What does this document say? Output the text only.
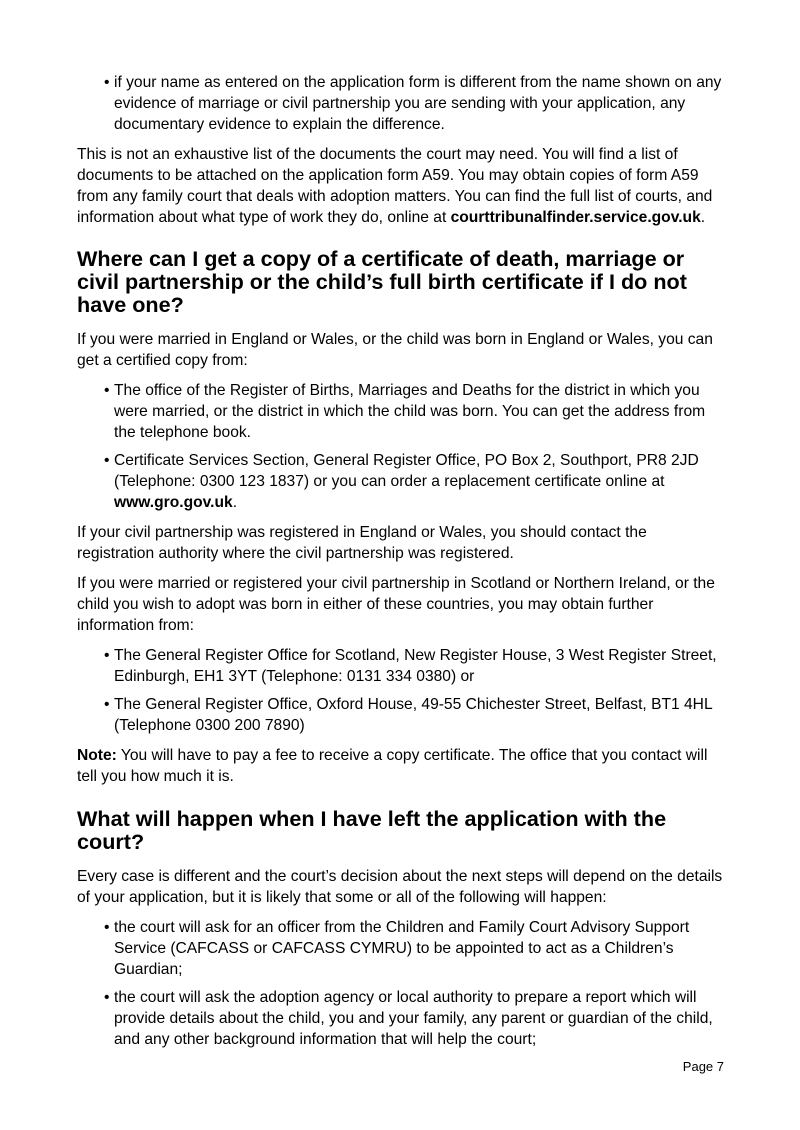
• if your name as entered on the application form is different from the name shown on any evidence of marriage or civil partnership you are sending with your application, any documentary evidence to explain the difference.

This is not an exhaustive list of the documents the court may need. You will find a list of documents to be attached on the application form A59. You may obtain copies of form A59 from any family court that deals with adoption matters. You can find the full list of courts, and information about what type of work they do, online at courttribunalfinder.service.gov.uk.

Where can I get a copy of a certificate of death, marriage or civil partnership or the child’s full birth certificate if I do not have one?

If you were married in England or Wales, or the child was born in England or Wales, you can get a certified copy from:

• The office of the Register of Births, Marriages and Deaths for the district in which you were married, or the district in which the child was born. You can get the address from the telephone book.
• Certificate Services Section, General Register Office, PO Box 2, Southport, PR8 2JD (Telephone: 0300 123 1837) or you can order a replacement certificate online at www.gro.gov.uk.

If your civil partnership was registered in England or Wales, you should contact the registration authority where the civil partnership was registered.

If you were married or registered your civil partnership in Scotland or Northern Ireland, or the child you wish to adopt was born in either of these countries, you may obtain further information from:

• The General Register Office for Scotland, New Register House, 3 West Register Street, Edinburgh, EH1 3YT (Telephone: 0131 334 0380) or
• The General Register Office, Oxford House, 49-55 Chichester Street, Belfast, BT1 4HL (Telephone 0300 200 7890)

Note: You will have to pay a fee to receive a copy certificate. The office that you contact will tell you how much it is.

What will happen when I have left the application with the court?

Every case is different and the court’s decision about the next steps will depend on the details of your application, but it is likely that some or all of the following will happen:

• the court will ask for an officer from the Children and Family Court Advisory Support Service (CAFCASS or CAFCASS CYMRU) to be appointed to act as a Children’s Guardian;
• the court will ask the adoption agency or local authority to prepare a report which will provide details about the child, you and your family, any parent or guardian of the child, and any other background information that will help the court;
Page 7
